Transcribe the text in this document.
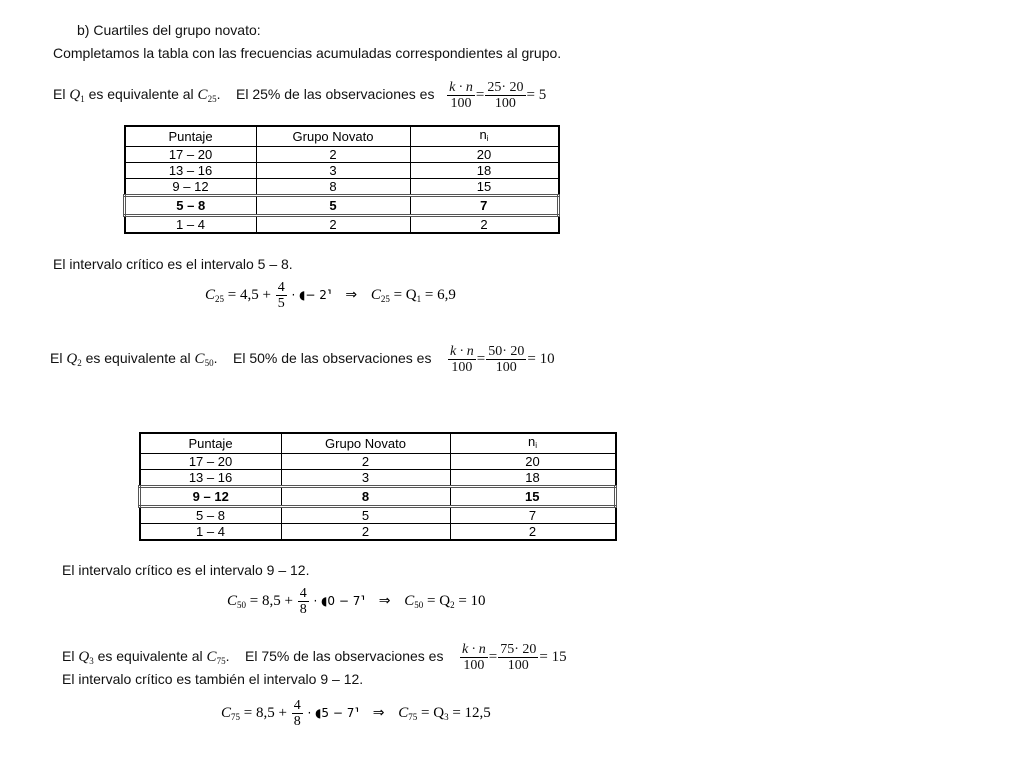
b) Cuartiles del grupo novato:
Completamos la tabla con las frecuencias acumuladas correspondientes al grupo.
El $Q_1$ es equivalente al $C_{25}$. El 25% de las observaciones es $\frac{k \cdot n}{100} = \frac{25\cdot 20}{100} = 5$
Puntaje	Grupo Novato	ni
17 – 20	2	20
13 – 16	3	18
9 – 12	8	15
5 – 8	5	7
1 – 4	2	2
El intervalo crítico es el intervalo 5 – 8.
$C_{25} = 4,5 + \frac{4}{5}$ · ◖− 2⸣ ⇒ $C_{25} = Q_1 = 6,9$
El $Q_2$ es equivalente al $C_{50}$. El 50% de las observaciones es $\frac{k \cdot n}{100} = \frac{50\cdot 20}{100} = 10$
Puntaje	Grupo Novato	ni
17 – 20	2	20
13 – 16	3	18
9 – 12	8	15
5 – 8	5	7
1 – 4	2	2
El intervalo crítico es el intervalo 9 – 12.
$C_{50} = 8,5 + \frac{4}{8}$ · ◖0 − 7⸣ ⇒ $C_{50} = Q_2 = 10$
El $Q_3$ es equivalente al $C_{75}$. El 75% de las observaciones es $\frac{k \cdot n}{100} = \frac{75\cdot 20}{100} = 15$
El intervalo crítico es también el intervalo 9 – 12.
$C_{75} = 8,5 + \frac{4}{8}$ · ◖5 − 7⸣ ⇒ $C_{75} = Q_3 = 12,5$
